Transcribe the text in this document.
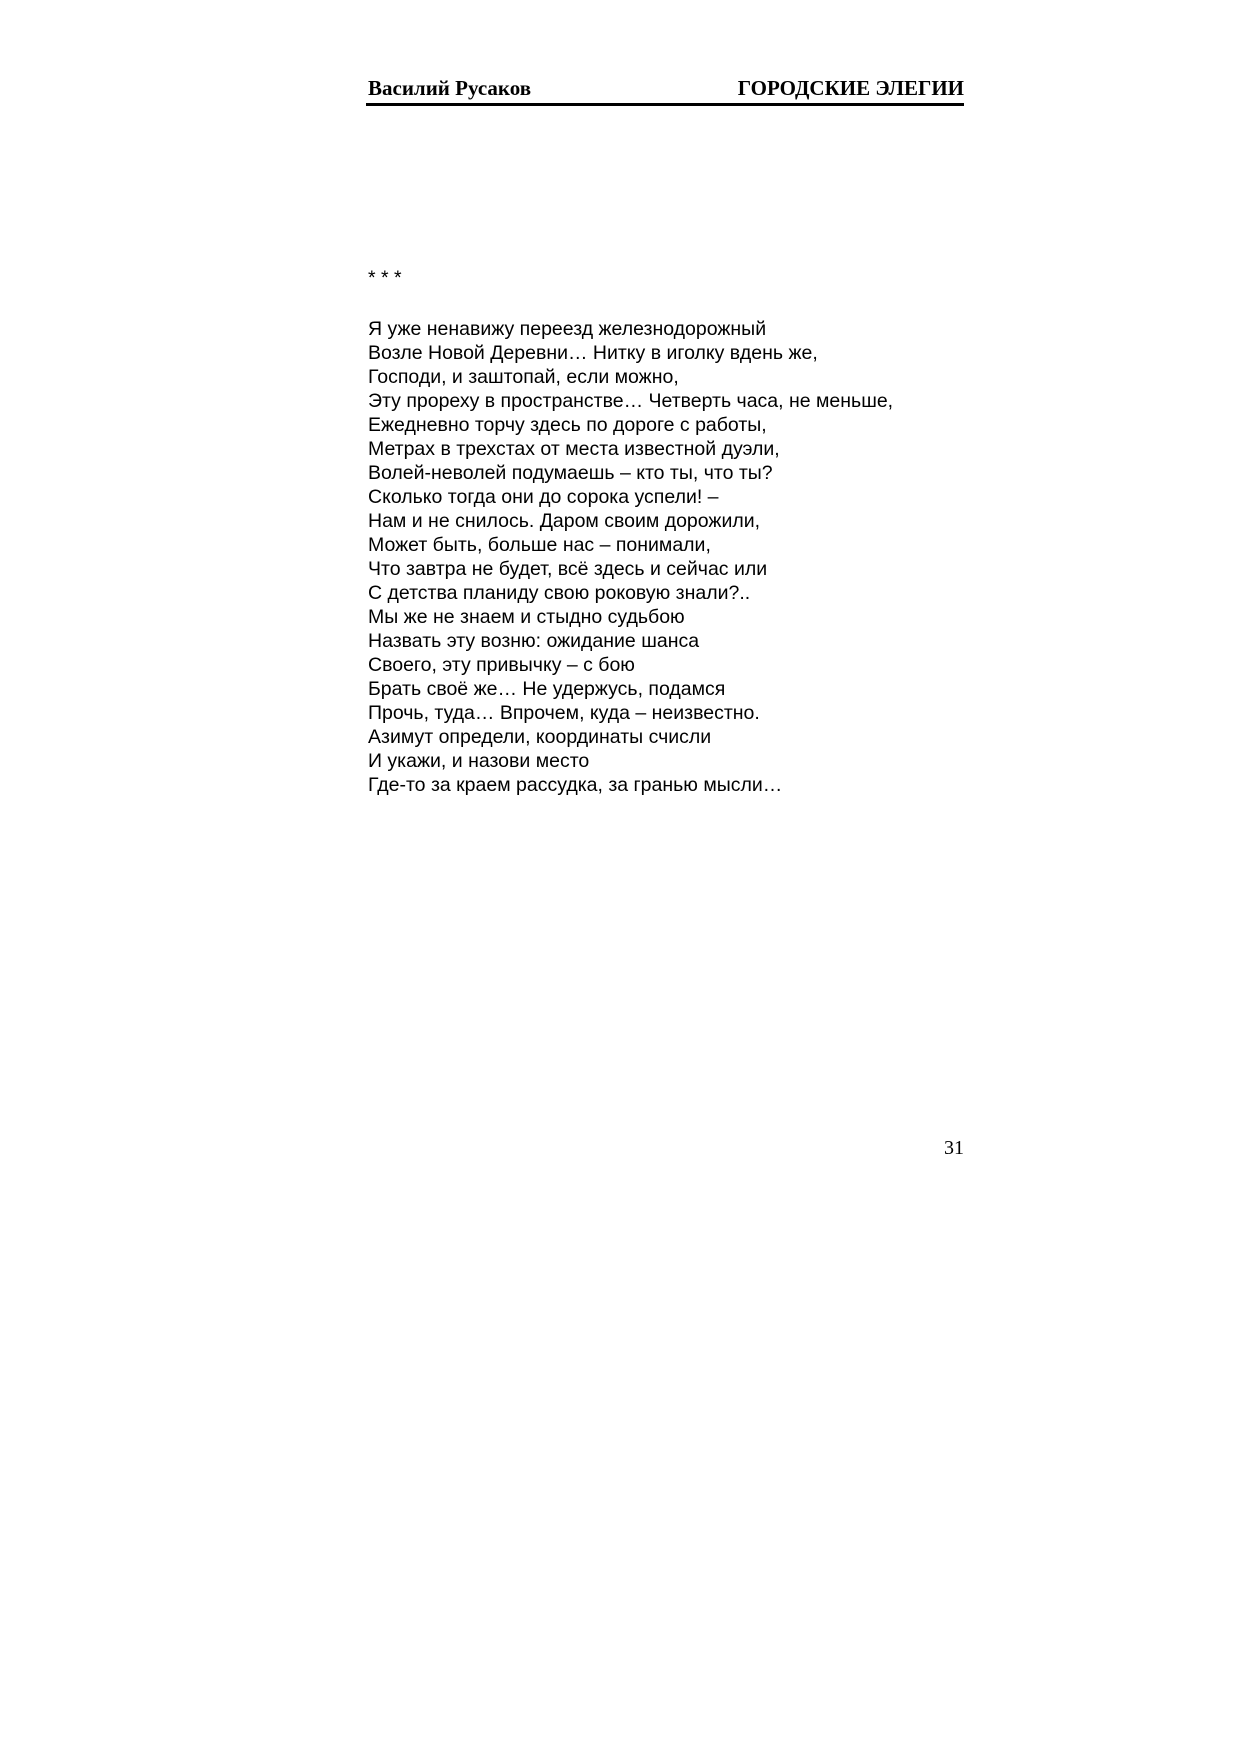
Василий Русаков	ГОРОДСКИЕ ЭЛЕГИИ
* * *
Я уже ненавижу переезд железнодорожный
Возле Новой Деревни… Нитку в иголку вдень же,
Господи, и заштопай, если можно,
Эту прореху в пространстве… Четверть часа, не меньше,
Ежедневно торчу здесь по дороге с работы,
Метрах в трехстах от места известной дуэли,
Волей-неволей подумаешь – кто ты, что ты?
Сколько тогда они до сорока успели! –
Нам и не снилось. Даром своим дорожили,
Может быть, больше нас – понимали,
Что завтра не будет, всё здесь и сейчас или
С детства планиду свою роковую знали?..
Мы же не знаем и стыдно судьбою
Назвать эту возню: ожидание шанса
Своего, эту привычку – с бою
Брать своё же… Не удержусь, подамся
Прочь, туда… Впрочем, куда – неизвестно.
Азимут определи, координаты счисли
И укажи, и назови место
Где-то за краем рассудка, за гранью мысли…
31
